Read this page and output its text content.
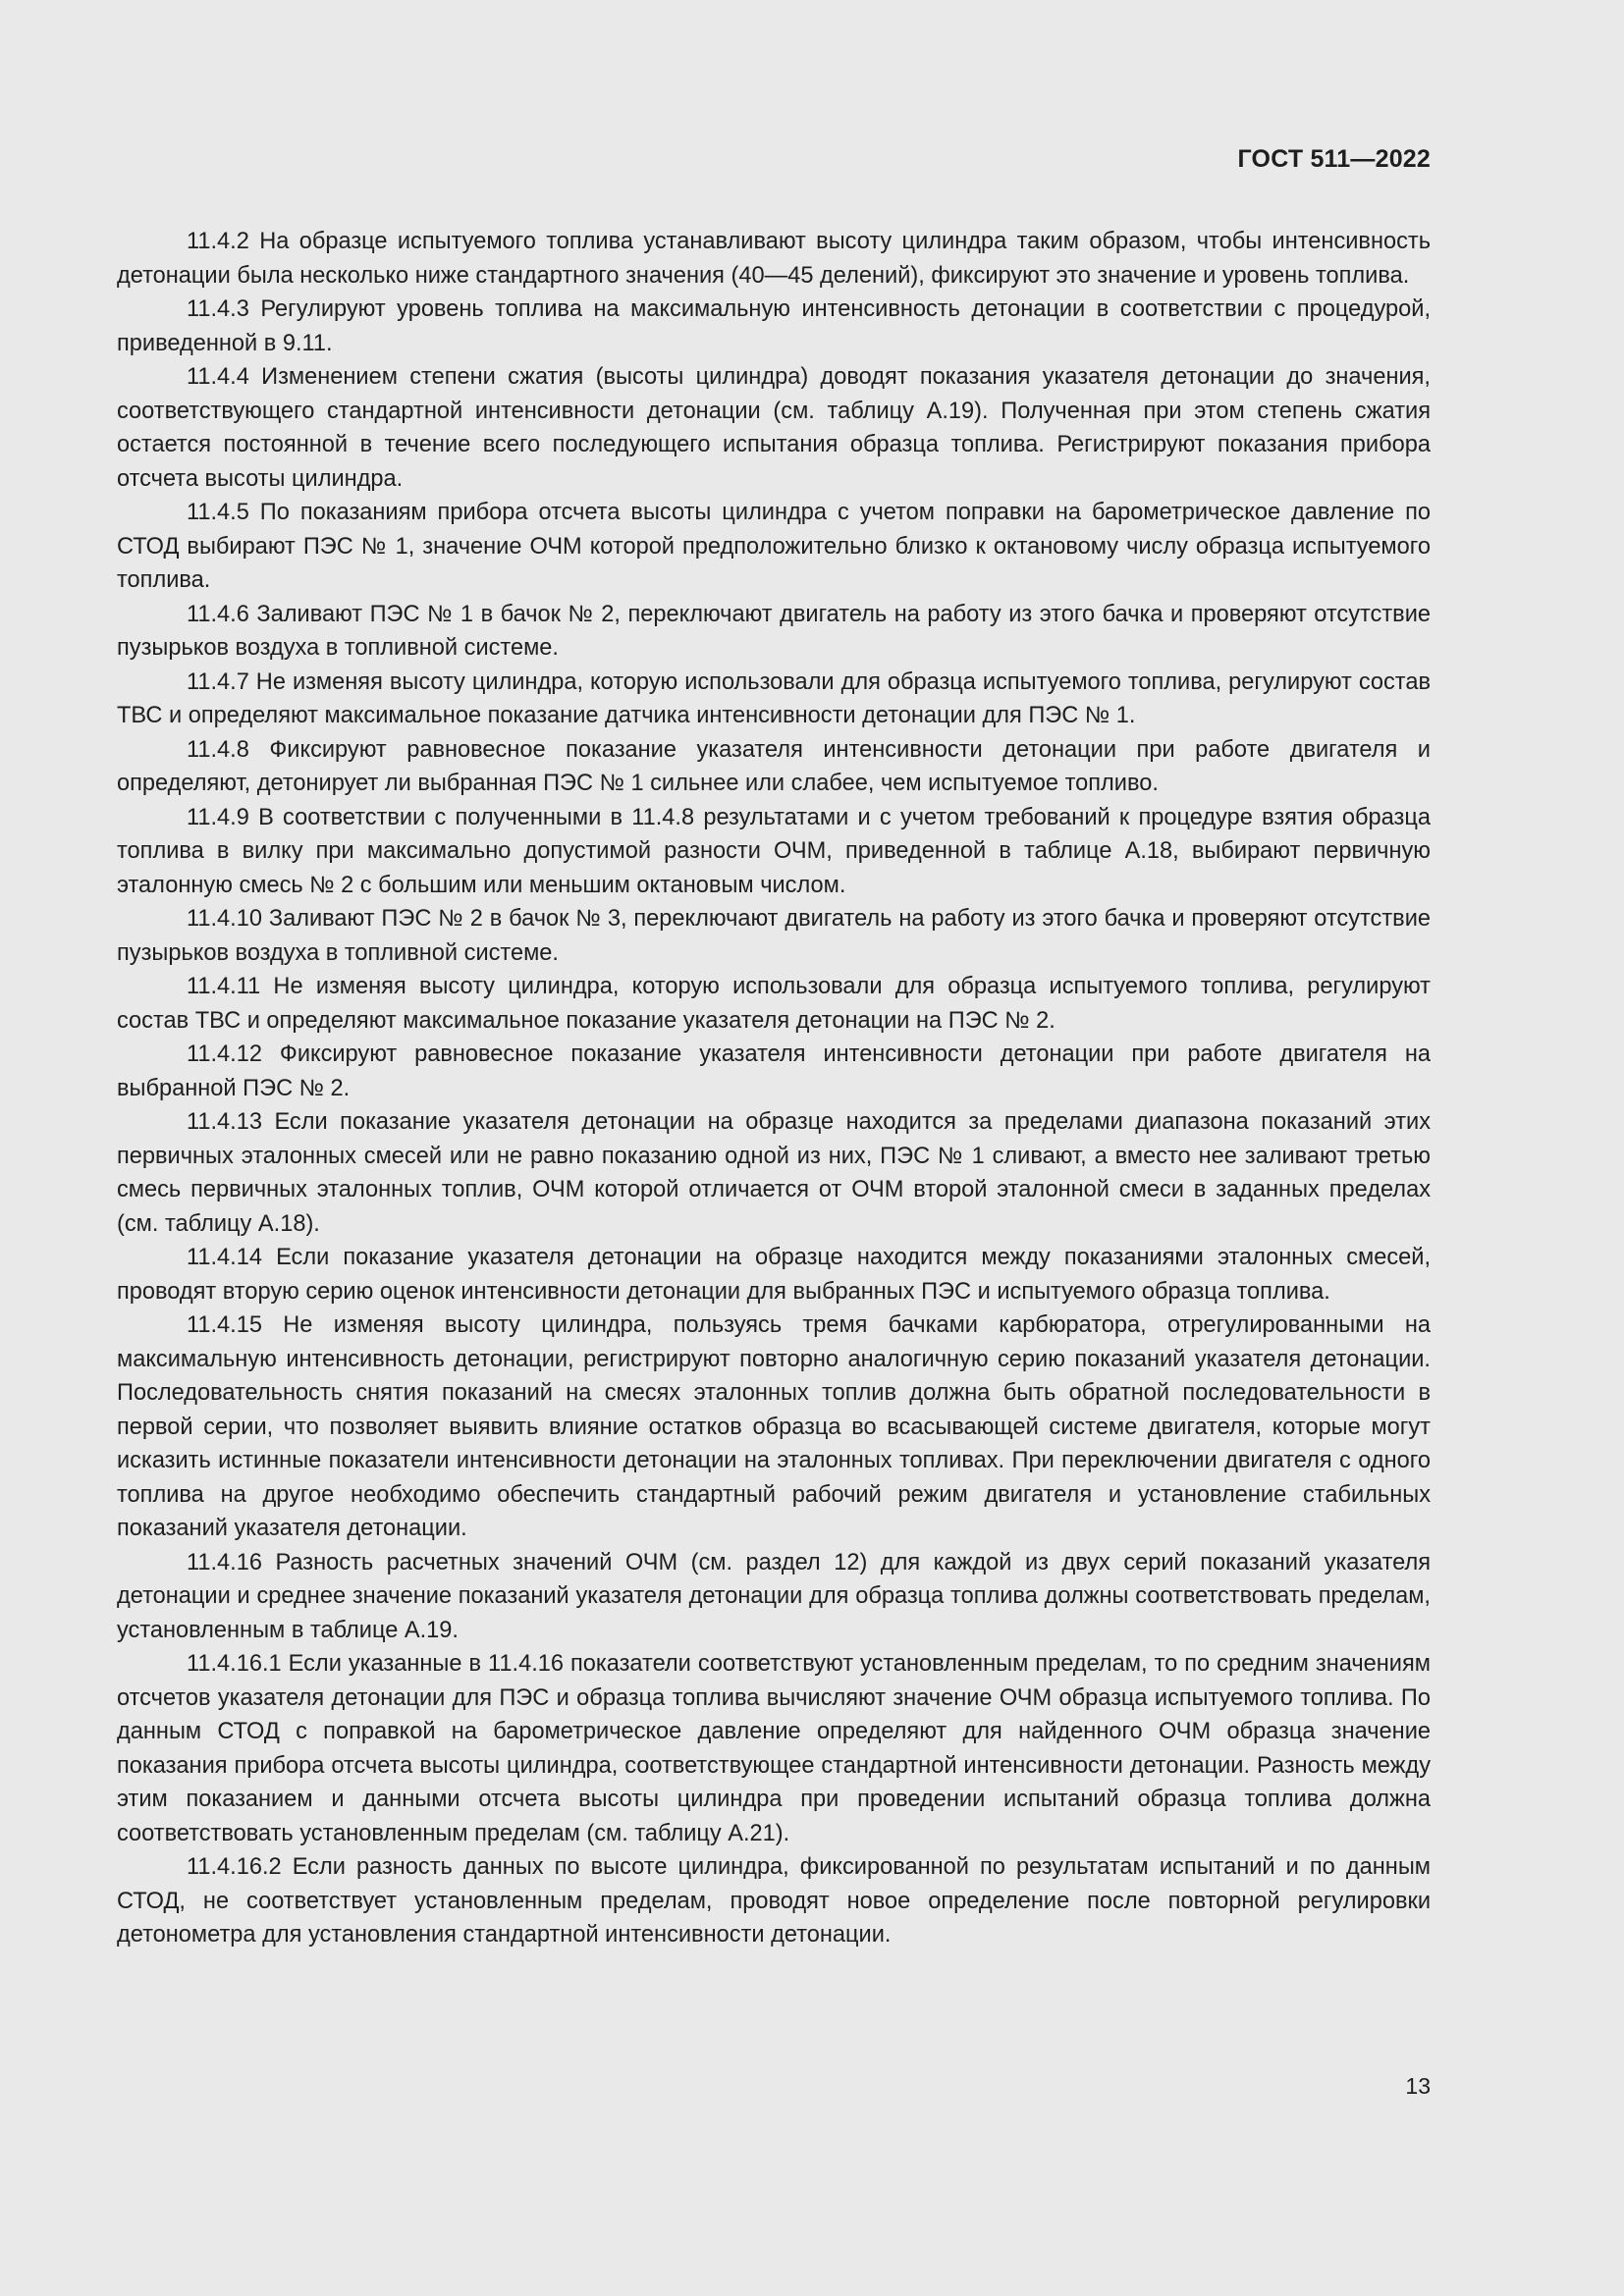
ГОСТ 511—2022

11.4.2 На образце испытуемого топлива устанавливают высоту цилиндра таким образом, чтобы интенсивность детонации была несколько ниже стандартного значения (40—45 делений), фиксируют это значение и уровень топлива.

11.4.3 Регулируют уровень топлива на максимальную интенсивность детонации в соответствии с процедурой, приведенной в 9.11.

11.4.4 Изменением степени сжатия (высоты цилиндра) доводят показания указателя детонации до значения, соответствующего стандартной интенсивности детонации (см. таблицу А.19). Полученная при этом степень сжатия остается постоянной в течение всего последующего испытания образца топлива. Регистрируют показания прибора отсчета высоты цилиндра.

11.4.5 По показаниям прибора отсчета высоты цилиндра с учетом поправки на барометрическое давление по СТОД выбирают ПЭС № 1, значение ОЧМ которой предположительно близко к октановому числу образца испытуемого топлива.

11.4.6 Заливают ПЭС № 1 в бачок № 2, переключают двигатель на работу из этого бачка и проверяют отсутствие пузырьков воздуха в топливной системе.

11.4.7 Не изменяя высоту цилиндра, которую использовали для образца испытуемого топлива, регулируют состав ТВС и определяют максимальное показание датчика интенсивности детонации для ПЭС № 1.

11.4.8 Фиксируют равновесное показание указателя интенсивности детонации при работе двигателя и определяют, детонирует ли выбранная ПЭС № 1 сильнее или слабее, чем испытуемое топливо.

11.4.9 В соответствии с полученными в 11.4.8 результатами и с учетом требований к процедуре взятия образца топлива в вилку при максимально допустимой разности ОЧМ, приведенной в таблице А.18, выбирают первичную эталонную смесь № 2 с большим или меньшим октановым числом.

11.4.10 Заливают ПЭС № 2 в бачок № 3, переключают двигатель на работу из этого бачка и проверяют отсутствие пузырьков воздуха в топливной системе.

11.4.11 Не изменяя высоту цилиндра, которую использовали для образца испытуемого топлива, регулируют состав ТВС и определяют максимальное показание указателя детонации на ПЭС № 2.

11.4.12 Фиксируют равновесное показание указателя интенсивности детонации при работе двигателя на выбранной ПЭС № 2.

11.4.13 Если показание указателя детонации на образце находится за пределами диапазона показаний этих первичных эталонных смесей или не равно показанию одной из них, ПЭС № 1 сливают, а вместо нее заливают третью смесь первичных эталонных топлив, ОЧМ которой отличается от ОЧМ второй эталонной смеси в заданных пределах (см. таблицу А.18).

11.4.14 Если показание указателя детонации на образце находится между показаниями эталонных смесей, проводят вторую серию оценок интенсивности детонации для выбранных ПЭС и испытуемого образца топлива.

11.4.15 Не изменяя высоту цилиндра, пользуясь тремя бачками карбюратора, отрегулированными на максимальную интенсивность детонации, регистрируют повторно аналогичную серию показаний указателя детонации. Последовательность снятия показаний на смесях эталонных топлив должна быть обратной последовательности в первой серии, что позволяет выявить влияние остатков образца во всасывающей системе двигателя, которые могут исказить истинные показатели интенсивности детонации на эталонных топливах. При переключении двигателя с одного топлива на другое необходимо обеспечить стандартный рабочий режим двигателя и установление стабильных показаний указателя детонации.

11.4.16 Разность расчетных значений ОЧМ (см. раздел 12) для каждой из двух серий показаний указателя детонации и среднее значение показаний указателя детонации для образца топлива должны соответствовать пределам, установленным в таблице А.19.

11.4.16.1 Если указанные в 11.4.16 показатели соответствуют установленным пределам, то по средним значениям отсчетов указателя детонации для ПЭС и образца топлива вычисляют значение ОЧМ образца испытуемого топлива. По данным СТОД с поправкой на барометрическое давление определяют для найденного ОЧМ образца значение показания прибора отсчета высоты цилиндра, соответствующее стандартной интенсивности детонации. Разность между этим показанием и данными отсчета высоты цилиндра при проведении испытаний образца топлива должна соответствовать установленным пределам (см. таблицу А.21).

11.4.16.2 Если разность данных по высоте цилиндра, фиксированной по результатам испытаний и по данным СТОД, не соответствует установленным пределам, проводят новое определение после повторной регулировки детонометра для установления стандартной интенсивности детонации.

13
